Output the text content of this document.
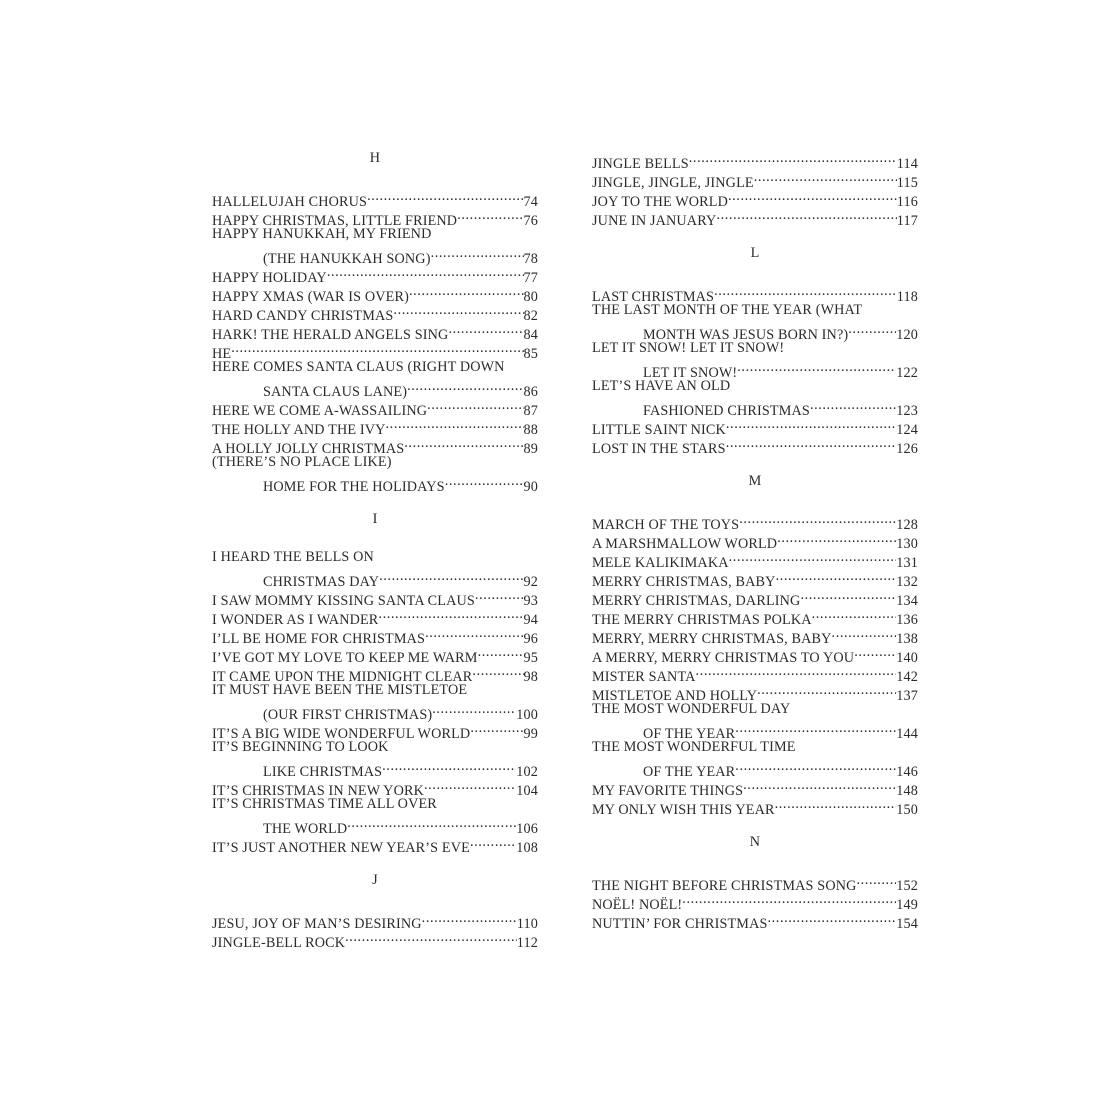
H
HALLELUJAH CHORUS .....	74
HAPPY CHRISTMAS, LITTLE FRIEND .....	76
HAPPY HANUKKAH, MY FRIEND
(THE HANUKKAH SONG) .....	78
HAPPY HOLIDAY .....	77
HAPPY XMAS (WAR IS OVER) .....	80
HARD CANDY CHRISTMAS .....	82
HARK! THE HERALD ANGELS SING .....	84
HE .....	85
HERE COMES SANTA CLAUS (RIGHT DOWN
SANTA CLAUS LANE) .....	86
HERE WE COME A-WASSAILING .....	87
THE HOLLY AND THE IVY .....	88
A HOLLY JOLLY CHRISTMAS .....	89
(THERE’S NO PLACE LIKE)
HOME FOR THE HOLIDAYS .....	90
I
I HEARD THE BELLS ON
CHRISTMAS DAY .....	92
I SAW MOMMY KISSING SANTA CLAUS .....	93
I WONDER AS I WANDER .....	94
I’LL BE HOME FOR CHRISTMAS .....	96
I’VE GOT MY LOVE TO KEEP ME WARM .....	95
IT CAME UPON THE MIDNIGHT CLEAR .....	98
IT MUST HAVE BEEN THE MISTLETOE
(OUR FIRST CHRISTMAS) .....	100
IT’S A BIG WIDE WONDERFUL WORLD .....	99
IT’S BEGINNING TO LOOK
LIKE CHRISTMAS .....	102
IT’S CHRISTMAS IN NEW YORK .....	104
IT’S CHRISTMAS TIME ALL OVER
THE WORLD .....	106
IT’S JUST ANOTHER NEW YEAR’S EVE .....	108
J
JESU, JOY OF MAN’S DESIRING .....	110
JINGLE-BELL ROCK .....	112
JINGLE BELLS .....	114
JINGLE, JINGLE, JINGLE .....	115
JOY TO THE WORLD .....	116
JUNE IN JANUARY .....	117
L
LAST CHRISTMAS .....	118
THE LAST MONTH OF THE YEAR (WHAT
MONTH WAS JESUS BORN IN?) .....	120
LET IT SNOW! LET IT SNOW!
LET IT SNOW! .....	122
LET’S HAVE AN OLD
FASHIONED CHRISTMAS .....	123
LITTLE SAINT NICK .....	124
LOST IN THE STARS .....	126
M
MARCH OF THE TOYS .....	128
A MARSHMALLOW WORLD .....	130
MELE KALIKIMAKA .....	131
MERRY CHRISTMAS, BABY .....	132
MERRY CHRISTMAS, DARLING .....	134
THE MERRY CHRISTMAS POLKA .....	136
MERRY, MERRY CHRISTMAS, BABY .....	138
A MERRY, MERRY CHRISTMAS TO YOU .....	140
MISTER SANTA .....	142
MISTLETOE AND HOLLY .....	137
THE MOST WONDERFUL DAY
OF THE YEAR .....	144
THE MOST WONDERFUL TIME
OF THE YEAR .....	146
MY FAVORITE THINGS .....	148
MY ONLY WISH THIS YEAR .....	150
N
THE NIGHT BEFORE CHRISTMAS SONG .....	152
NOËL! NOËL! .....	149
NUTTIN’ FOR CHRISTMAS .....	154
